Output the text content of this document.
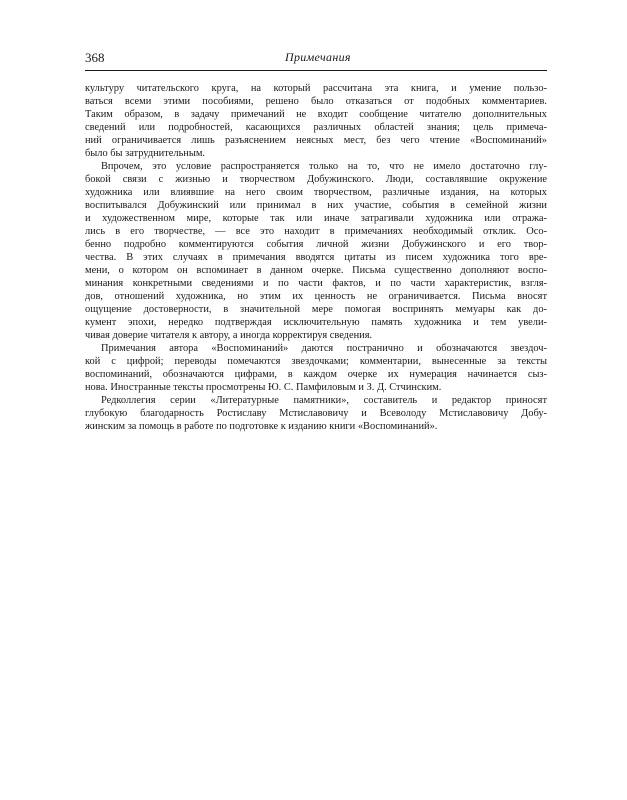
368	Примечания
культуру читательского круга, на который рассчитана эта книга, и умение пользо-
ваться всеми этими пособиями, решено было отказаться от подобных комментариев.
Таким образом, в задачу примечаний не входит сообщение читателю дополнительных
сведений или подробностей, касающихся различных областей знания; цель примеча-
ний ограничивается лишь разъяснением неясных мест, без чего чтение «Воспоминаний»
было бы затруднительным.
Впрочем, это условие распространяется только на то, что не имело достаточно глу-
бокой связи с жизнью и творчеством Добужинского. Люди, составлявшие окружение
художника или влиявшие на него своим творчеством, различные издания, на которых
воспитывался Добужинский или принимал в них участие, события в семейной жизни
и художественном мире, которые так или иначе затрагивали художника или отража-
лись в его творчестве, — все это находит в примечаниях необходимый отклик. Осо-
бенно подробно комментируются события личной жизни Добужинского и его твор-
чества. В этих случаях в примечания вводятся цитаты из писем художника того вре-
мени, о котором он вспоминает в данном очерке. Письма существенно дополняют воспо-
минания конкретными сведениями и по части фактов, и по части характеристик, взгля-
дов, отношений художника, но этим их ценность не ограничивается. Письма вносят
ощущение достоверности, в значительной мере помогая воспринять мемуары как до-
кумент эпохи, нередко подтверждая исключительную память художника и тем увели-
чивая доверие читателя к автору, а иногда корректируя сведения.
Примечания автора «Воспоминаний» даются постранично и обозначаются звездоч-
кой с цифрой; переводы помечаются звездочками; комментарии, вынесенные за тексты
воспоминаний, обозначаются цифрами, в каждом очерке их нумерация начинается сыз-
нова. Иностранные тексты просмотрены Ю. С. Памфиловым и З. Д. Стчинским.
Редколлегия серии «Литературные памятники», составитель и редактор приносят
глубокую благодарность Ростиславу Мстиславовичу и Всеволоду Мстиславовичу Добу-
жинским за помощь в работе по подготовке к изданию книги «Воспоминаний».
